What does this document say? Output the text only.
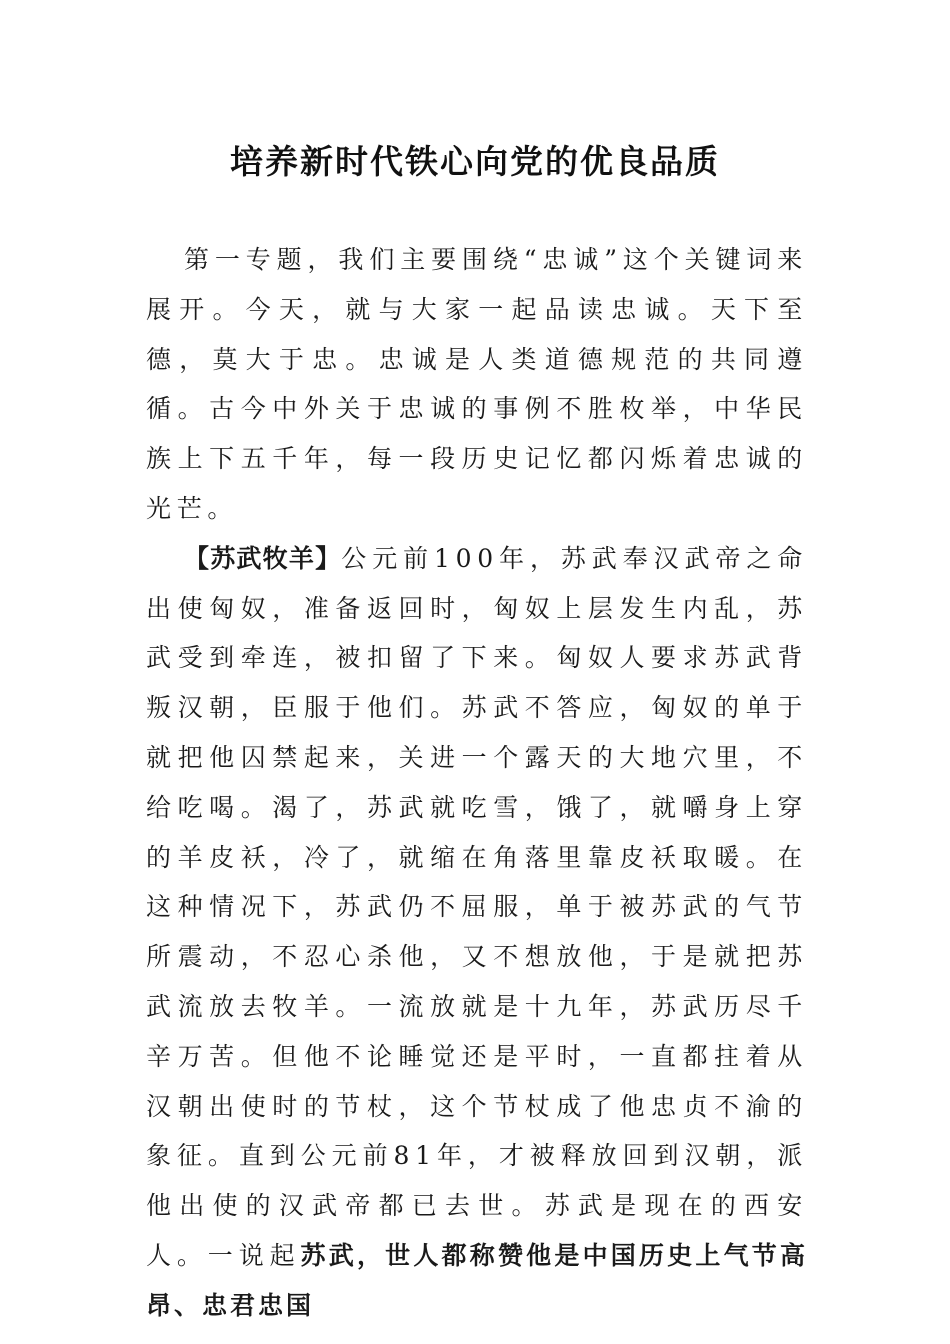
培养新时代铁心向党的优良品质

第一专题，我们主要围绕“忠诚”这个关键词来展开。今天，就与大家一起品读忠诚。天下至德，莫大于忠。忠诚是人类道德规范的共同遵循。古今中外关于忠诚的事例不胜枚举，中华民族上下五千年，每一段历史记忆都闪烁着忠诚的光芒。

【苏武牧羊】公元前100年，苏武奉汉武帝之命出使匈奴，准备返回时，匈奴上层发生内乱，苏武受到牵连，被扣留了下来。匈奴人要求苏武背叛汉朝，臣服于他们。苏武不答应，匈奴的单于就把他囚禁起来，关进一个露天的大地穴里，不给吃喝。渴了，苏武就吃雪，饿了，就嚼身上穿的羊皮袄，冷了，就缩在角落里靠皮袄取暖。在这种情况下，苏武仍不屈服，单于被苏武的气节所震动，不忍心杀他，又不想放他，于是就把苏武流放去牧羊。一流放就是十九年，苏武历尽千辛万苦。但他不论睡觉还是平时，一直都拄着从汉朝出使时的节杖，这个节杖成了他忠贞不渝的象征。直到公元前81年，才被释放回到汉朝，派他出使的汉武帝都已去世。苏武是现在的西安人。一说起苏武，世人都称赞他是中国历史上气节高昂、忠君忠国
